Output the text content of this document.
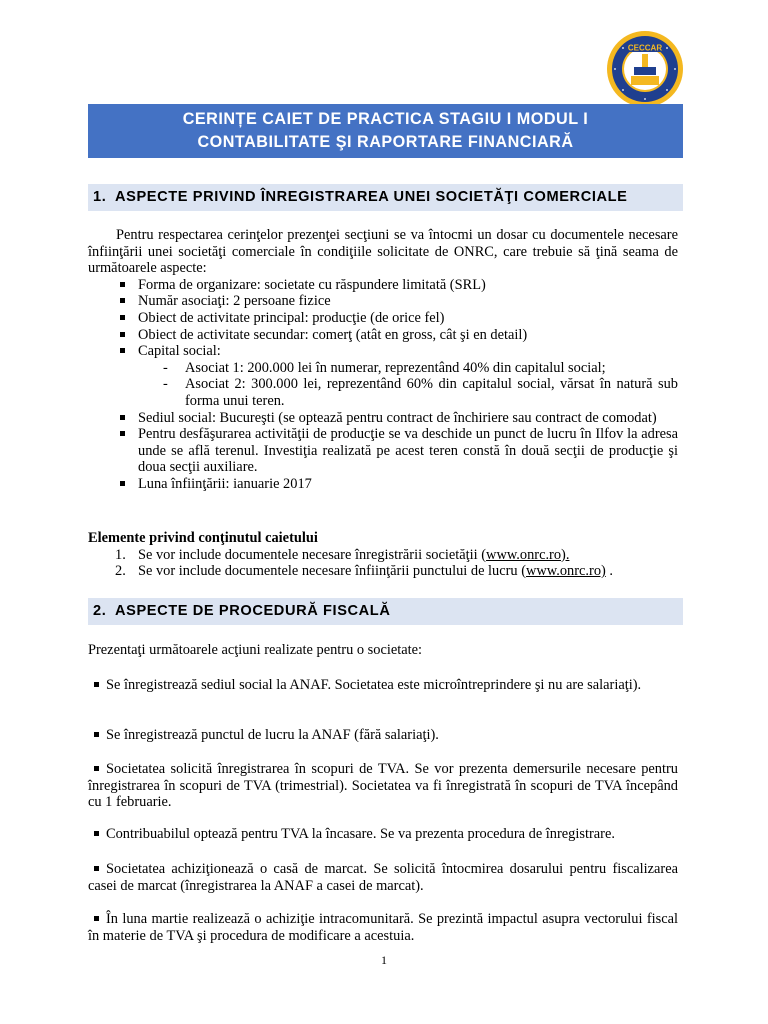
CECCAR
CERINȚE CAIET DE PRACTICA STAGIU I MODUL I
CONTABILITATE ŞI RAPORTARE FINANCIARĂ
1. ASPECTE PRIVIND ÎNREGISTRAREA UNEI SOCIETĂŢI COMERCIALE

Pentru respectarea cerinţelor prezenţei secţiuni se va întocmi un dosar cu documentele necesare înfiinţării unei societăţi comerciale în condiţiile solicitate de ONRC, care trebuie să ţină seama de următoarele aspecte:

Forma de organizare: societate cu răspundere limitată (SRL)
Număr asociaţi: 2 persoane fizice
Obiect de activitate principal: producţie (de orice fel)
Obiect de activitate secundar: comerţ (atât en gross, cât şi en detail)
Capital social:
- Asociat 1: 200.000 lei în numerar, reprezentând 40% din capitalul social;
- Asociat 2: 300.000 lei, reprezentând 60% din capitalul social, vărsat în natură sub forma unui teren.
Sediul social: Bucureşti (se optează pentru contract de închiriere sau contract de comodat)
Pentru desfăşurarea activităţii de producţie se va deschide un punct de lucru în Ilfov la adresa unde se află terenul. Investiţia realizată pe acest teren constă în două secţii de producţie şi doua secţii auxiliare.
Luna înfiinţării: ianuarie 2017

Elemente privind conţinutul caietului

1. Se vor include documentele necesare înregistrării societăţii (www.onrc.ro).
2. Se vor include documentele necesare înfiinţării punctului de lucru (www.onrc.ro) .
2. ASPECTE DE PROCEDURĂ FISCALĂ

Prezentaţi următoarele acţiuni realizate pentru o societate:

Se înregistrează sediul social la ANAF. Societatea este microîntreprindere şi nu are salariaţi).

Se înregistrează punctul de lucru la ANAF (fără salariaţi).

Societatea solicită înregistrarea în scopuri de TVA. Se vor prezenta demersurile necesare pentru înregistrarea în scopuri de TVA (trimestrial). Societatea va fi înregistrată în scopuri de TVA începând cu 1 februarie.

Contribuabilul optează pentru TVA la încasare. Se va prezenta procedura de înregistrare.

Societatea achiziţionează o casă de marcat. Se solicită întocmirea dosarului pentru fiscalizarea casei de marcat (înregistrarea la ANAF a casei de marcat).

În luna martie realizează o achiziţie intracomunitară. Se prezintă impactul asupra vectorului fiscal în materie de TVA şi procedura de modificare a acestuia.

1
